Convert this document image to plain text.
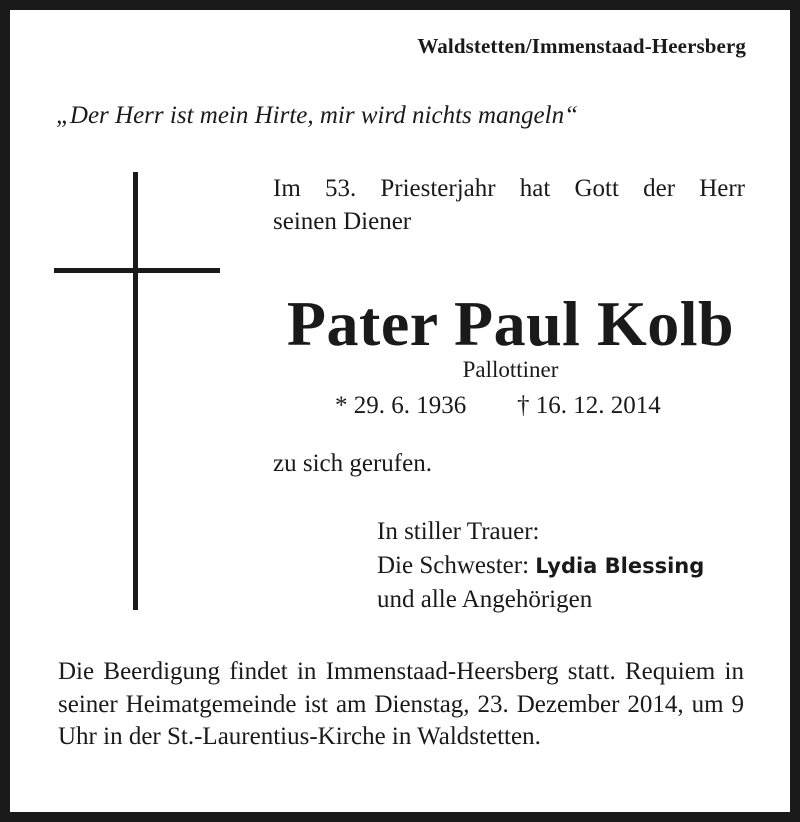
Waldstetten/Immenstaad-Heersberg
„Der Herr ist mein Hirte, mir wird nichts mangeln“
Im 53. Priesterjahr hat Gott der Herr
seinen Diener
Pater Paul Kolb
Pallottiner
* 29. 6. 1936 † 16. 12. 2014
zu sich gerufen.
In stiller Trauer:
Die Schwester: Lydia Blessing
und alle Angehörigen
Die Beerdigung findet in Immenstaad-Heersberg statt. Requiem in seiner Heimatgemeinde ist am Dienstag, 23. Dezember 2014, um 9 Uhr in der St.-Laurentius-Kirche in Waldstetten.
